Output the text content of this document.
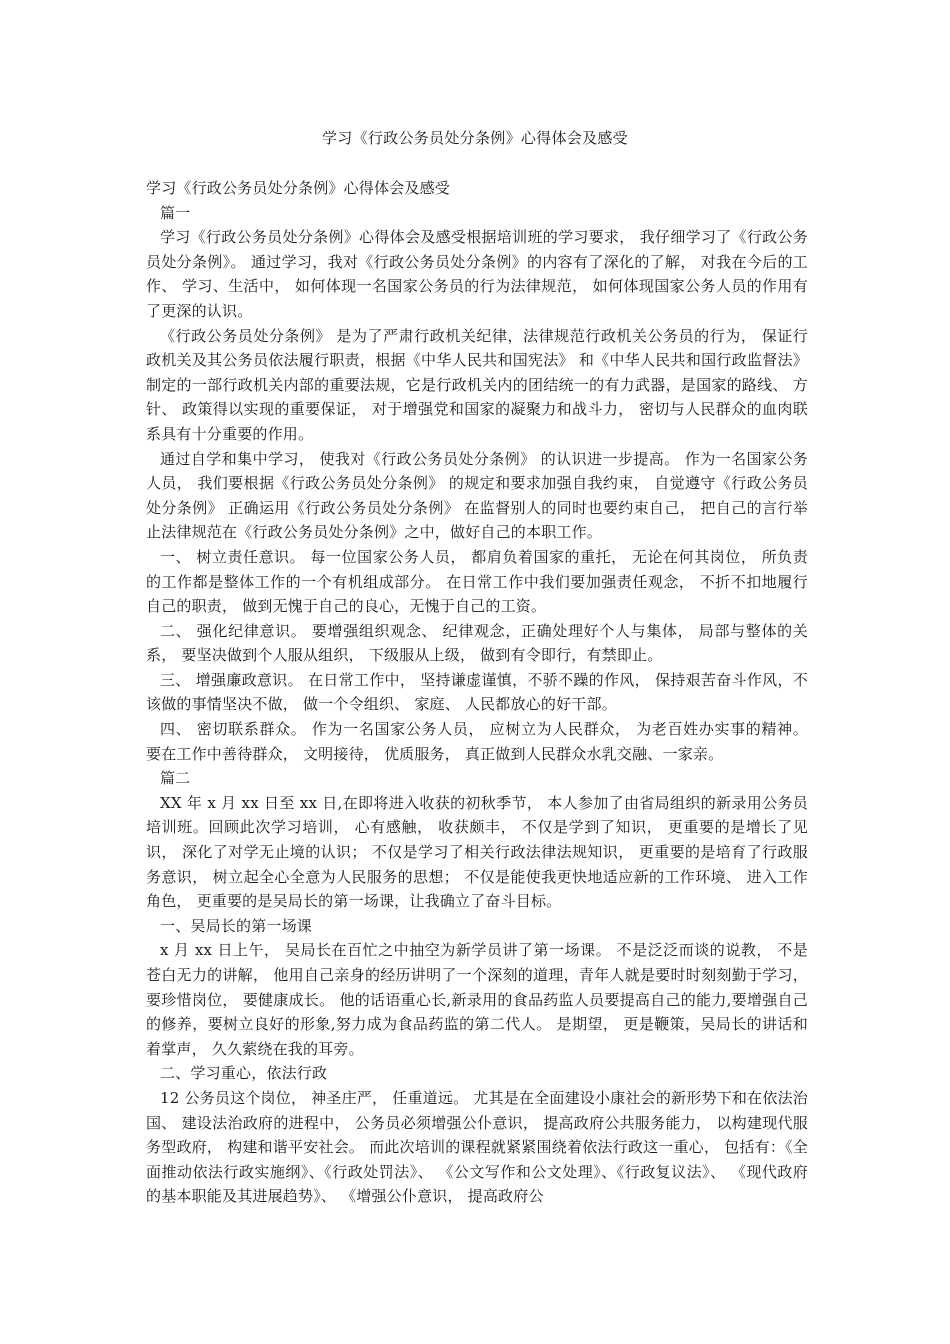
学习《行政公务员处分条例》心得体会及感受

学习《行政公务员处分条例》心得体会及感受

篇一

学习《行政公务员处分条例》心得体会及感受根据培训班的学习要求， 我仔细学习了《行政公务员处分条例》。 通过学习，我对《行政公务员处分条例》的内容有了深化的了解， 对我在今后的工作、 学习、生活中， 如何体现一名国家公务员的行为法律规范， 如何体现国家公务人员的作用有了更深的认识。

《行政公务员处分条例》 是为了严肃行政机关纪律，法律规范行政机关公务员的行为， 保证行政机关及其公务员依法履行职责，根据《中华人民共和国宪法》 和《中华人民共和国行政监督法》 制定的一部行政机关内部的重要法规，它是行政机关内的团结统一的有力武器，是国家的路线、 方针、 政策得以实现的重要保证， 对于增强党和国家的凝聚力和战斗力， 密切与人民群众的血肉联系具有十分重要的作用。

通过自学和集中学习， 使我对《行政公务员处分条例》 的认识进一步提高。 作为一名国家公务人员， 我们要根据《行政公务员处分条例》 的规定和要求加强自我约束， 自觉遵守《行政公务员处分条例》 正确运用《行政公务员处分条例》 在监督别人的同时也要约束自己， 把自己的言行举止法律规范在《行政公务员处分条例》之中，做好自己的本职工作。

一、 树立责任意识。 每一位国家公务人员， 都肩负着国家的重托， 无论在何其岗位， 所负责的工作都是整体工作的一个有机组成部分。 在日常工作中我们要加强责任观念， 不折不扣地履行自己的职责， 做到无愧于自己的良心，无愧于自己的工资。

二、 强化纪律意识。 要增强组织观念、 纪律观念，正确处理好个人与集体， 局部与整体的关系， 要坚决做到个人服从组织， 下级服从上级， 做到有令即行，有禁即止。

三、 增强廉政意识。 在日常工作中， 坚持谦虚谨慎，不骄不躁的作风， 保持艰苦奋斗作风，不该做的事情坚决不做， 做一个令组织、 家庭、 人民都放心的好干部。

四、 密切联系群众。 作为一名国家公务人员， 应树立为人民群众， 为老百姓办实事的精神。 要在工作中善待群众， 文明接待， 优质服务， 真正做到人民群众水乳交融、一家亲。

篇二

XX 年 x 月 xx 日至 xx 日,在即将进入收获的初秋季节， 本人参加了由省局组织的新录用公务员培训班。回顾此次学习培训， 心有感触， 收获颇丰， 不仅是学到了知识， 更重要的是增长了见识， 深化了对学无止境的认识； 不仅是学习了相关行政法律法规知识， 更重要的是培育了行政服务意识， 树立起全心全意为人民服务的思想； 不仅是能使我更快地适应新的工作环境、 进入工作角色， 更重要的是吴局长的第一场课，让我确立了奋斗目标。

一、吴局长的第一场课

x 月 xx 日上午， 吴局长在百忙之中抽空为新学员讲了第一场课。 不是泛泛而谈的说教， 不是苍白无力的讲解， 他用自己亲身的经历讲明了一个深刻的道理，青年人就是要时时刻刻勤于学习， 要珍惜岗位， 要健康成长。 他的话语重心长,新录用的食品药监人员要提高自己的能力,要增强自己的修养，要树立良好的形象,努力成为食品药监的第二代人。 是期望， 更是鞭策，吴局长的讲话和着掌声， 久久萦绕在我的耳旁。

二、学习重心，依法行政

12 公务员这个岗位， 神圣庄严， 任重道远。 尤其是在全面建设小康社会的新形势下和在依法治国、 建设法治政府的进程中， 公务员必须增强公仆意识， 提高政府公共服务能力， 以构建现代服务型政府， 构建和谐平安社会。 而此次培训的课程就紧紧围绕着依法行政这一重心， 包括有：《全面推动依法行政实施纲》、《行政处罚法》、 《公文写作和公文处理》、《行政复议法》、 《现代政府的基本职能及其进展趋势》、 《增强公仆意识， 提高政府公
